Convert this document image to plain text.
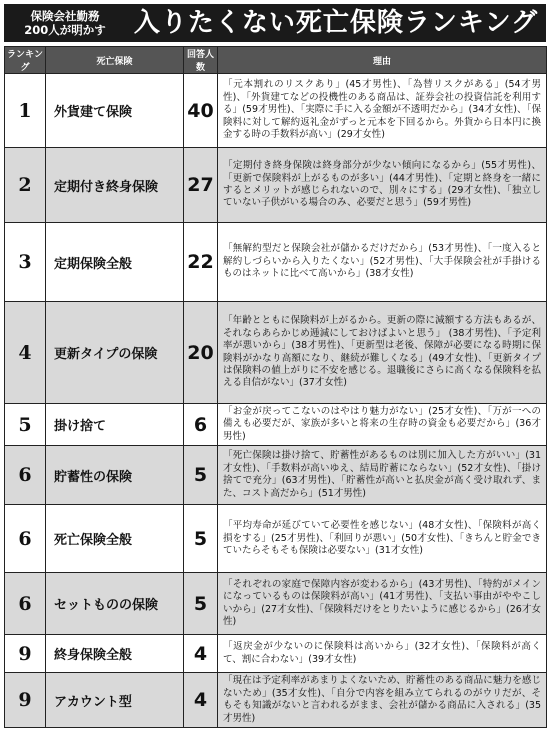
保険会社勤務
200人が明かす	入りたくない死亡保険ランキング
ランキング	死亡保険	回答人数	理由
1	外貨建て保険	40	「元本割れのリスクあり」(45才男性)、「為替リスクがある」(54才男性)、「外貨建てなどの投機性のある商品は、証券会社の投資信託を利用する」(59才男性)、「実際に手に入る金額が不透明だから」(34才女性)、「保険料に対して解約返礼金がずっと元本を下回るから。外貨から日本円に換金する時の手数料が高い」(29才女性)
2	定期付き終身保険	27	「定期付き終身保険は終身部分が少ない傾向になるから」(55才男性)、「更新で保険料が上がるものが多い」(44才男性)、「定期と終身を一緒にするとメリットが感じられないので、別々にする」(29才女性)、「独立していない子供がいる場合のみ、必要だと思う」(59才男性)
3	定期保険全般	22	「無解約型だと保険会社が儲かるだけだから」(53才男性)、「一度入ると解約しづらいから入りたくない」(52才男性)、「大手保険会社が手掛けるものはネットに比べて高いから」(38才女性)
4	更新タイプの保険	20	「年齢とともに保険料が上がるから。更新の際に減額する方法もあるが、それならあらかじめ逓減にしておけばよいと思う」 (38才男性)、「予定利率が悪いから」(38才男性)、「更新型は老後、保障が必要になる時期に保険料がかなり高額になり、継続が難しくなる」(49才女性)、「更新タイプは保険料の値上がりに不安を感じる。退職後にさらに高くなる保険料を払える自信がない」(37才女性)
5	掛け捨て	6	「お金が戻ってこないのはやはり魅力がない」(25才女性)、「万が一への備えも必要だが、家族が多いと将来の生存時の資金も必要だから」(36才男性)
6	貯蓄性の保険	5	「死亡保険は掛け捨て、貯蓄性があるものは別に加入した方がいい」(31才女性)、「手数料が高いゆえ、結局貯蓄にならない」(52才女性)、「掛け捨てで充分」(63才男性)、「貯蓄性が高いと払戻金が高く受け取れず、また、コスト高だから」(51才男性)
6	死亡保険全般	5	「平均寿命が延びていて必要性を感じない」(48才女性)、「保険料が高く損をする」(25才男性)、「利回りが悪い」(50才女性)、「きちんと貯金できていたらそもそも保険は必要ない」(31才女性)
6	セットものの保険	5	「それぞれの家庭で保障内容が変わるから」(43才男性)、「特約がメインになっているものは保険料が高い」(41才男性)、「支払い事由がややこしいから」(27才女性)、「保険料だけをとりたいように感じるから」(26才女性)
9	終身保険全般	4	「返戻金が少ないのに保険料は高いから」(32才女性)、「保険料が高くて、割に合わない」(39才女性)
9	アカウント型	4	「現在は予定利率があまりよくないため、貯蓄性のある商品に魅力を感じないため」(35才女性)、「自分で内容を組み立てられるのがウリだが、そもそも知識がないと言われるがまま、会社が儲かる商品に入される」(35才男性)
